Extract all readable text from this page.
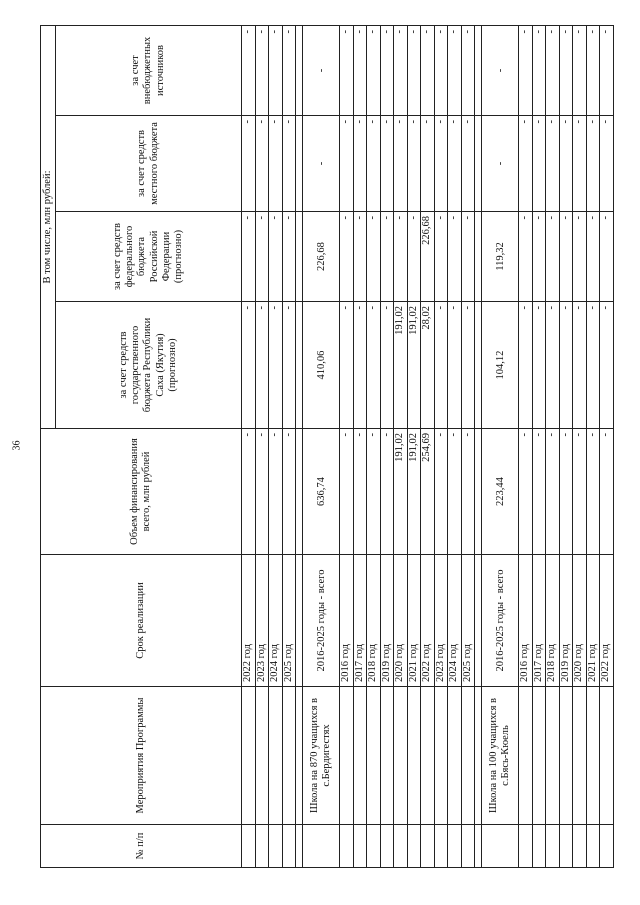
36
№ п/п	Мероприятия Программы	Срок реализации	Объем финансирования всего, млн рублей	В том числе, млн рублей:			
				за счет средств государственного бюджета Республики Саха (Якутия) (прогнозно)	за счет средств федерального бюджета Российской Федерации (прогнозно)	за счет средств местного бюджета	за счет внебюджетных источников
		2022 год	-	-	-	-	-
		2023 год	-	-	-	-	-
		2024 год	-	-	-	-	-
		2025 год	-	-	-	-	-

	Школа на 870 учащихся в с.Бердигестях	2016-2025 годы - всего	636,74	410,06	226,68	-	-
		2016 год	-	-	-	-	-
		2017 год	-	-	-	-	-
		2018 год	-	-	-	-	-
		2019 год	-	-	-	-	-
		2020 год	191,02	191,02	-	-	-
		2021 год	191,02	191,02	-	-	-
		2022 год	254,69	28,02	226,68	-	-
		2023 год	-	-	-	-	-
		2024 год	-	-	-	-	-
		2025 год	-	-	-	-	-

	Школа на 100 учащихся в с.Бясь-Кюель	2016-2025 годы - всего	223,44	104,12	119,32	-	-
		2016 год	-	-	-	-	-
		2017 год	-	-	-	-	-
		2018 год	-	-	-	-	-
		2019 год	-	-	-	-	-
		2020 год	-	-	-	-	-
		2021 год	-	-	-	-	-
		2022 год	-	-	-	-	-
